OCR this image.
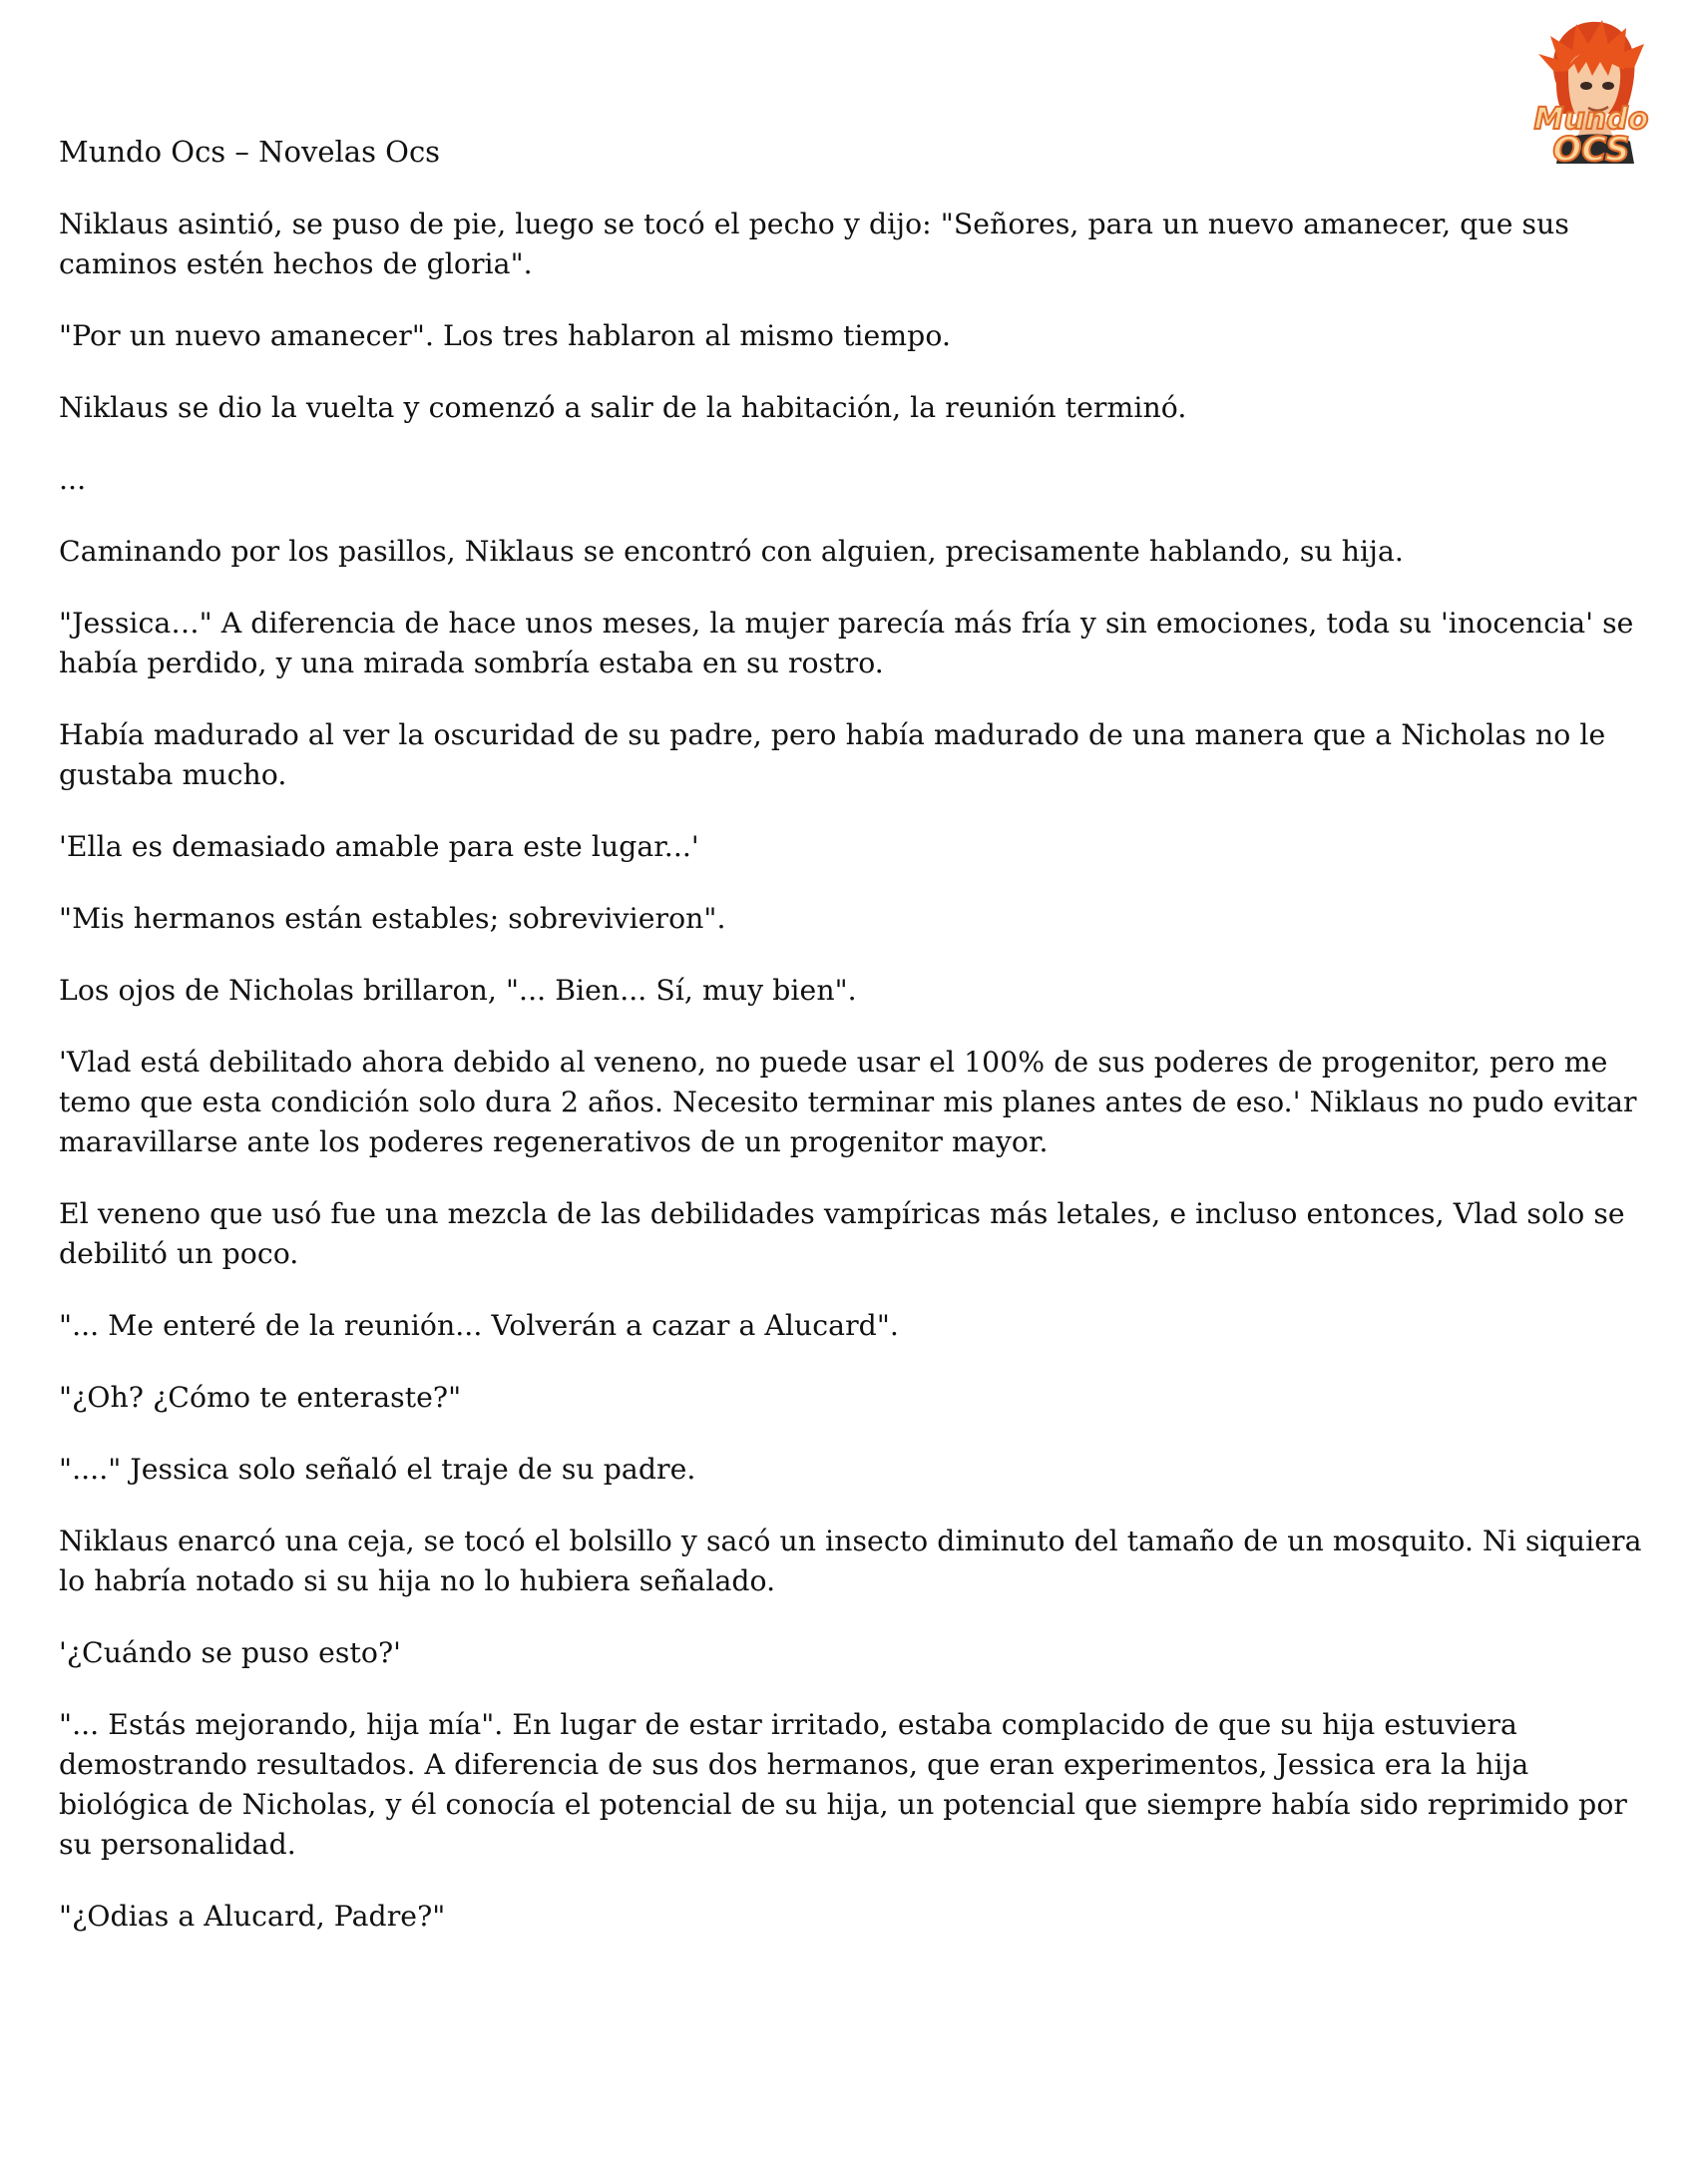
Mundo Ocs – Novelas Ocs
Mundo
OCS

Niklaus asintió, se puso de pie, luego se tocó el pecho y dijo: "Señores, para un nuevo amanecer, que sus caminos estén hechos de gloria".

"Por un nuevo amanecer". Los tres hablaron al mismo tiempo.

Niklaus se dio la vuelta y comenzó a salir de la habitación, la reunión terminó.

...

Caminando por los pasillos, Niklaus se encontró con alguien, precisamente hablando, su hija.

"Jessica…" A diferencia de hace unos meses, la mujer parecía más fría y sin emociones, toda su 'inocencia' se había perdido, y una mirada sombría estaba en su rostro.

Había madurado al ver la oscuridad de su padre, pero había madurado de una manera que a Nicholas no le gustaba mucho.

'Ella es demasiado amable para este lugar...'

"Mis hermanos están estables; sobrevivieron".

Los ojos de Nicholas brillaron, "... Bien... Sí, muy bien".

'Vlad está debilitado ahora debido al veneno, no puede usar el 100% de sus poderes de progenitor, pero me temo que esta condición solo dura 2 años. Necesito terminar mis planes antes de eso.' Niklaus no pudo evitar maravillarse ante los poderes regenerativos de un progenitor mayor.

El veneno que usó fue una mezcla de las debilidades vampíricas más letales, e incluso entonces, Vlad solo se debilitó un poco.

"... Me enteré de la reunión... Volverán a cazar a Alucard".

"¿Oh? ¿Cómo te enteraste?"

"...." Jessica solo señaló el traje de su padre.

Niklaus enarcó una ceja, se tocó el bolsillo y sacó un insecto diminuto del tamaño de un mosquito. Ni siquiera lo habría notado si su hija no lo hubiera señalado.

'¿Cuándo se puso esto?'

"... Estás mejorando, hija mía". En lugar de estar irritado, estaba complacido de que su hija estuviera demostrando resultados. A diferencia de sus dos hermanos, que eran experimentos, Jessica era la hija biológica de Nicholas, y él conocía el potencial de su hija, un potencial que siempre había sido reprimido por su personalidad.

"¿Odias a Alucard, Padre?"
